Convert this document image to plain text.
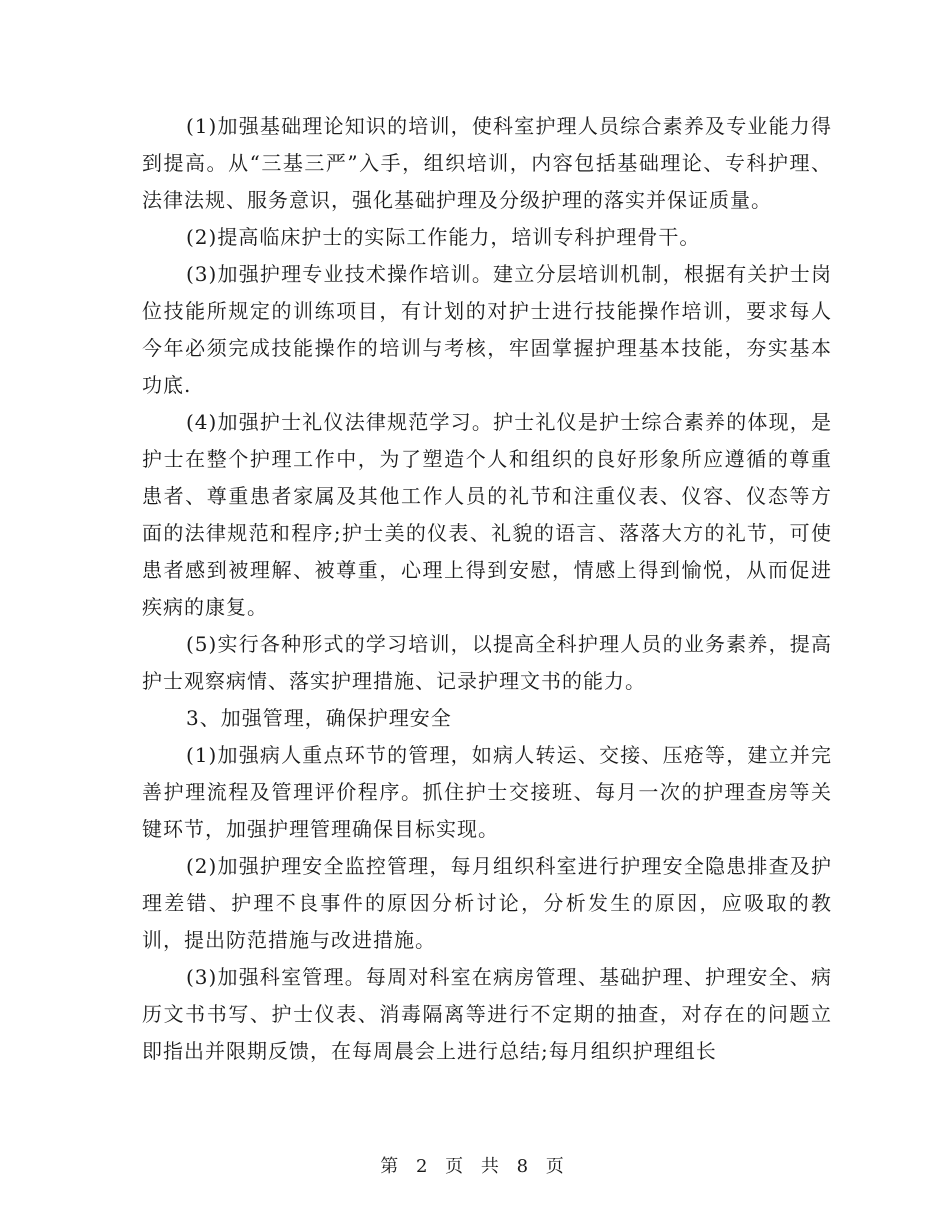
(1)加强基础理论知识的培训，使科室护理人员综合素养及专业能力得到提高。从“三基三严”入手，组织培训，内容包括基础理论、专科护理、法律法规、服务意识，强化基础护理及分级护理的落实并保证质量。

(2)提高临床护士的实际工作能力，培训专科护理骨干。

(3)加强护理专业技术操作培训。建立分层培训机制，根据有关护士岗位技能所规定的训练项目，有计划的对护士进行技能操作培训，要求每人今年必须完成技能操作的培训与考核，牢固掌握护理基本技能，夯实基本功底.

(4)加强护士礼仪法律规范学习。护士礼仪是护士综合素养的体现，是护士在整个护理工作中，为了塑造个人和组织的良好形象所应遵循的尊重患者、尊重患者家属及其他工作人员的礼节和注重仪表、仪容、仪态等方面的法律规范和程序;护士美的仪表、礼貌的语言、落落大方的礼节，可使患者感到被理解、被尊重，心理上得到安慰，情感上得到愉悦，从而促进疾病的康复。

(5)实行各种形式的学习培训，以提高全科护理人员的业务素养，提高护士观察病情、落实护理措施、记录护理文书的能力。

3、加强管理，确保护理安全

(1)加强病人重点环节的管理，如病人转运、交接、压疮等，建立并完善护理流程及管理评价程序。抓住护士交接班、每月一次的护理查房等关键环节，加强护理管理确保目标实现。

(2)加强护理安全监控管理，每月组织科室进行护理安全隐患排查及护理差错、护理不良事件的原因分析讨论，分析发生的原因，应吸取的教训，提出防范措施与改进措施。

(3)加强科室管理。每周对科室在病房管理、基础护理、护理安全、病历文书书写、护士仪表、消毒隔离等进行不定期的抽查，对存在的问题立即指出并限期反馈，在每周晨会上进行总结;每月组织护理组长

第 2 页 共 8 页
